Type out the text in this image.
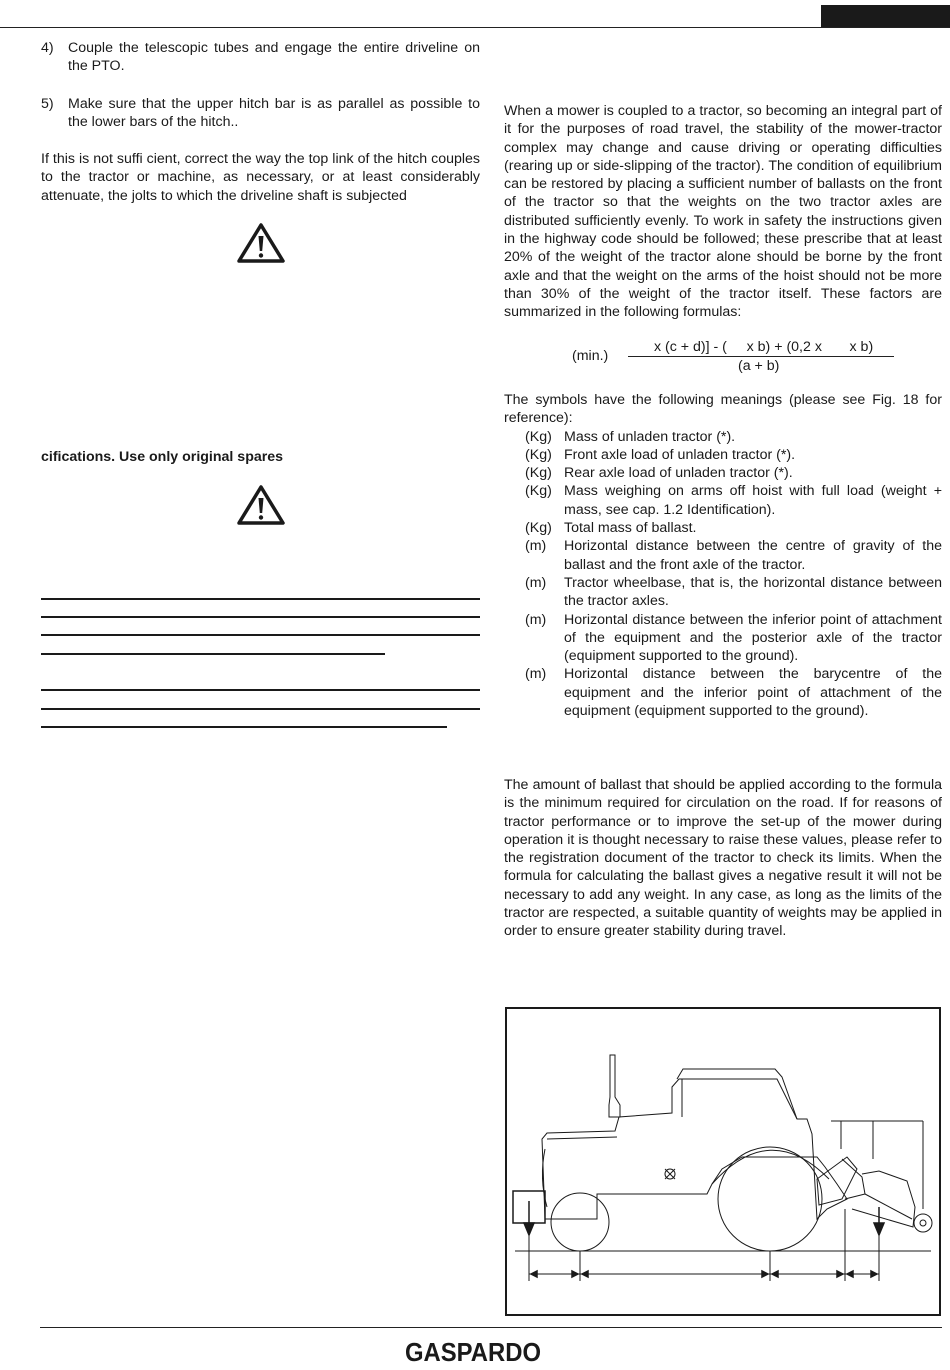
4)	Couple the telescopic tubes and engage the entire driveline on the PTO.
5)	Make sure that the upper hitch bar is as parallel as possible to the lower bars of the hitch..

If this is not suffi cient, correct the way the top link of the hitch couples to the tractor or machine, as necessary, or at least considerably attenuate, the jolts to which the driveline shaft is subjected

cifications. Use only original spares

When a mower is coupled to a tractor, so becoming an integral part of it for the purposes of road travel, the stability of the mower-tractor complex may change and cause driving or operating difficulties (rearing up or side-slipping of the tractor). The condition of equilibrium can be restored by placing a sufficient number of ballasts on the front of the tractor so that the weights on the two tractor axles are distributed sufficiently evenly. To work in safety the instructions given in the highway code should be followed; these prescribe that at least 20% of the weight of the tractor alone should be borne by the front axle and that the weight on the arms of the hoist should not be more than 30% of the weight of the tractor itself. These factors are summarized in the following formulas:

(min.)
x (c + d)] - (     x b) + (0,2 x       x b)
(a + b)

The symbols have the following meanings (please see Fig. 18 for reference):

(Kg) Mass of unladen tractor (*).
(Kg) Front axle load of unladen tractor (*).
(Kg) Rear axle load of unladen tractor (*).
(Kg) Mass weighing on arms off hoist with full load (weight + mass, see cap. 1.2 Identification).
(Kg) Total mass of ballast.
(m)	Horizontal distance between the centre of gravity of the ballast and the front axle of the tractor.
(m)	Tractor wheelbase, that is, the horizontal distance between the tractor axles.
(m)	Horizontal distance between the inferior point of attachment of the equipment and the posterior axle of the tractor (equipment supported to the ground).
(m)	Horizontal distance between the barycentre of the equipment and the inferior point of attachment of the equipment (equipment supported to the ground).

The amount of ballast that should be applied according to the formula is the minimum required for circulation on the road. If for reasons of tractor performance or to improve the set-up of the mower during operation it is thought necessary to raise these values, please refer to the registration document of the tractor to check its limits. When the formula for calculating the ballast gives a negative result it will not be necessary to add any weight. In any case, as long as the limits of the tractor are respected, a suitable quantity of weights may be applied in order to ensure greater stability during travel.

GASPARDO
